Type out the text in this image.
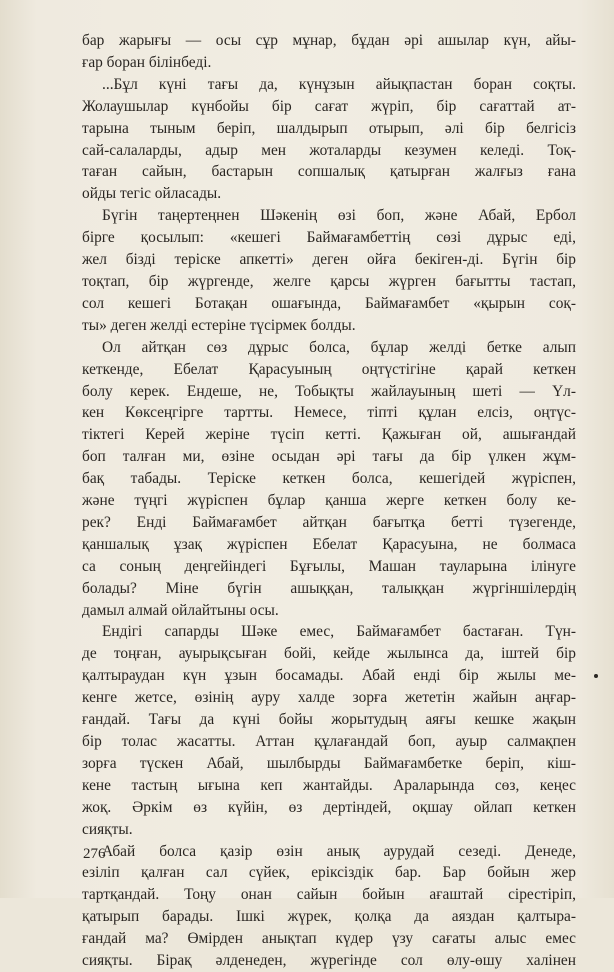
бар жарығы — осы сұр мұнар, бұдан әрі ашылар күн, айы-
ғар боран білінбеді.
...Бұл күні тағы да, күнұзын айықпастан боран соқты.
Жолаушылар күнбойы бір сағат жүріп, бір сағаттай ат-
тарына тыным беріп, шалдырып отырып, әлі бір белгісіз
сай-салаларды, адыр мен жоталарды кезумен келеді. Тоқ-
таған сайын, бастарын сопшалық қатырған жалғыз ғана
ойды тегіс ойласады.
Бүгін таңертеңнен Шәкенің өзі боп, және Абай, Ербол
бірге қосылып: «кешегі Баймағамбеттің сөзі дұрыс еді,
жел бізді теріске апкетті» деген ойға бекіген-ді. Бүгін бір
тоқтап, бір жүргенде, желге қарсы жүрген бағытты тастап,
сол кешегі Ботақан ошағында, Баймағамбет «қырын соқ-
ты» деген желді естеріне түсірмек болды.
Ол айтқан сөз дұрыс болса, бұлар желді бетке алып
кеткенде, Ебелат Қарасуының оңтүстігіне қарай кеткен
болу керек. Ендеше, не, Тобықты жайлауының шеті — Үл-
кен Көксеңгірге тартты. Немесе, тіпті құлан елсіз, оңтүс-
тіктегі Керей жеріне түсіп кетті. Қажыған ой, ашығандай
боп талған ми, өзіне осыдан әрі тағы да бір үлкен жұм-
бақ табады. Теріске кеткен болса, кешегідей жүріспен,
және түңгі жүріспен бұлар қанша жерге кеткен болу ке-
рек? Енді Баймағамбет айтқан бағытқа бетті түзегенде,
қаншалық ұзақ жүріспен Ебелат Қарасуына, не болмаса
са соның деңгейіндегі Бұғылы, Машан тауларына ілінуге
болады? Міне бүгін ашыққан, талыққан жүргіншілердің
дамыл алмай ойлайтыны осы.
Ендігі сапарды Шәке емес, Баймағамбет бастаған. Түн-
де тоңған, ауырықсыған бойі, кейде жылынса да, іштей бір
қалтыраудан күн ұзын босамады. Абай енді бір жылы ме-
кенге жетсе, өзінің ауру халде зорға жететін жайын аңғар-
ғандай. Тағы да күні бойы жорытудың аяғы кешке жақын
бір толас жасатты. Аттан құлағандай боп, ауыр салмақпен
зорға түскен Абай, шылбырды Баймағамбетке беріп, кіш-
кене тастың ығына кеп жантайды. Араларында сөз, кеңес
жоқ. Әркім өз күйін, өз дертіндей, оқшау ойлап кеткен
сияқты.
Абай болса қазір өзін анық аурудай сезеді. Денеде,
езіліп қалған сал сүйек, еріксіздік бар. Бар бойын жер
тартқандай. Тоңу онан сайын бойын ағаштай сірестіріп,
қатырып барады. Ішкі жүрек, қолқа да аяздан қалтыра-
ғандай ма? Өмірден анықтап күдер үзу сағаты алыс емес
сияқты. Бірақ әлденеден, жүрегінде сол өлу-өшу халінен
276
